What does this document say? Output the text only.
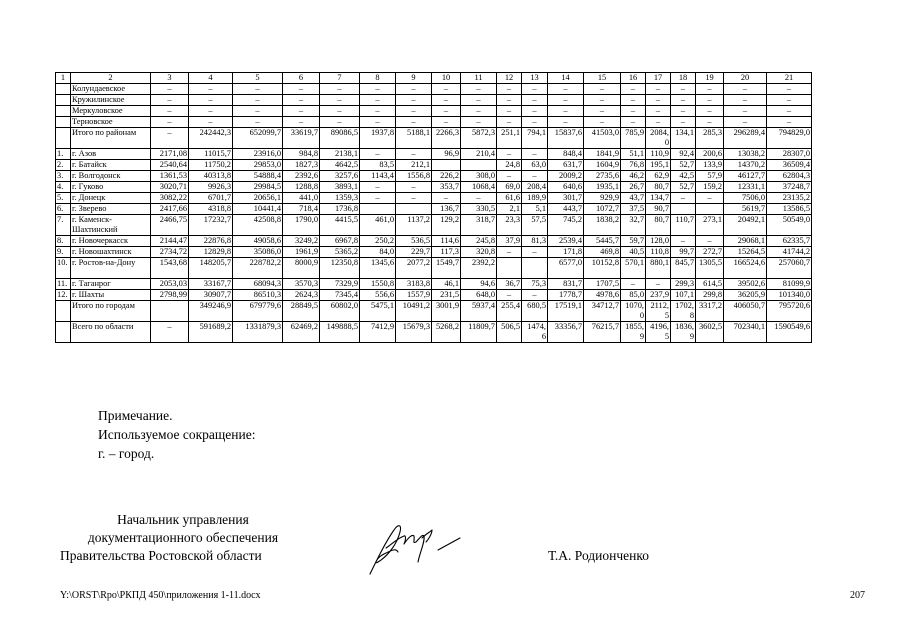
1	2	3	4	5	6	7	8	9	10	11	12	13	14	15	16	17	18	19	20	21
	Колундаевское	–	–	–	–	–	–	–	–	–	–	–	–	–	–	–	–	–	–	–
	Кружилинское	–	–	–	–	–	–	–	–	–	–	–	–	–	–	–	–	–	–	–
	Меркуловское	–	–	–	–	–	–	–	–	–	–	–	–	–	–	–	–	–	–	–
	Терновское	–	–	–	–	–	–	–	–	–	–	–	–	–	–	–	–	–	–	–
	Итого по районам	–	242442,3	652099,7	33619,7	89086,5	1937,8	5188,1	2266,3	5872,3	251,1	794,1	15837,6	41503,0	785,9	2084,0	134,1	285,3	296289,4	794829,0
1.	г. Азов	2171,08	11015,7	23916,0	984,8	2138,1	–	–	96,9	210,4	–	–	848,4	1841,9	51,1	110,9	92,4	200,6	13038,2	28307,0
2.	г. Батайск	2540,64	11750,2	29853,0	1827,3	4642,5	83,5	212,1			24,8	63,0	631,7	1604,9	76,8	195,1	52,7	133,9	14370,2	36509,4
3.	г. Волгодонск	1361,53	40313,8	54888,4	2392,6	3257,6	1143,4	1556,8	226,2	308,0	–	–	2009,2	2735,6	46,2	62,9	42,5	57,9	46127,7	62804,3
4.	г. Гуково	3020,71	9926,3	29984,5	1288,8	3893,1	–	–	353,7	1068,4	69,0	208,4	640,6	1935,1	26,7	80,7	52,7	159,2	12331,1	37248,7
5.	г. Донецк	3082,22	6701,7	20656,1	441,0	1359,3	–	–	–	–	61,6	189,9	301,7	929,9	43,7	134,7	–	–	7506,0	23135,2
6.	г. Зверево	2417,66	4318,8	10441,4	718,4	1736,8			136,7	330,5	2,1	5,1	443,7	1072,7	37,5	90,7			5619,7	13586,5
7.	г. Каменск-Шахтинский	2466,75	17232,7	42508,8	1790,0	4415,5	461,0	1137,2	129,2	318,7	23,3	57,5	745,2	1838,2	32,7	80,7	110,7	273,1	20492,1	50549,0
8.	г. Новочеркасск	2144,47	22876,8	49058,6	3249,2	6967,8	250,2	536,5	114,6	245,8	37,9	81,3	2539,4	5445,7	59,7	128,0	–	–	29068,1	62335,7
9.	г. Новошахтинск	2734,72	12829,8	35086,0	1961,9	5365,2	84,0	229,7	117,3	320,8	–	–	171,8	469,8	40,5	110,8	99,7	272,7	15264,5	41744,2
10.	г. Ростов-на-Дону	1543,68	148205,7	228782,2	8000,9	12350,8	1345,6	2077,2	1549,7	2392,2			6577,0	10152,8	570,1	880,1	845,7	1305,5	166524,6	257060,7
11.	г. Таганрог	2053,03	33167,7	68094,3	3570,3	7329,9	1550,8	3183,8	46,1	94,6	36,7	75,3	831,7	1707,5	–	–	299,3	614,5	39502,6	81099,9
12.	г. Шахты	2798,99	30907,7	86510,3	2624,3	7345,4	556,6	1557,9	231,5	648,0	–	–	1778,7	4978,6	85,0	237,9	107,1	299,8	36205,9	101340,0
	Итого по городам		349246,9	679779,6	28849,5	60802,0	5475,1	10491,2	3001,9	5937,4	255,4	680,5	17519,1	34712,7	1070,0	2112,5	1702,8	3317,2	406050,7	795720,6
	Всего по области	–	591689,2	1331879,3	62469,2	149888,5	7412,9	15679,3	5268,2	11809,7	506,5	1474,6	33356,7	76215,7	1855,9	4196,5	1836,9	3602,5	702340,1	1590549,6
Примечание.
Используемое сокращение:
г. – город.
Начальник управления
документационного обеспечения
Правительства Ростовской области	Т.А. Родионченко
Y:\ORST\Rpo\РКПД 450\приложения 1-11.docx	207
